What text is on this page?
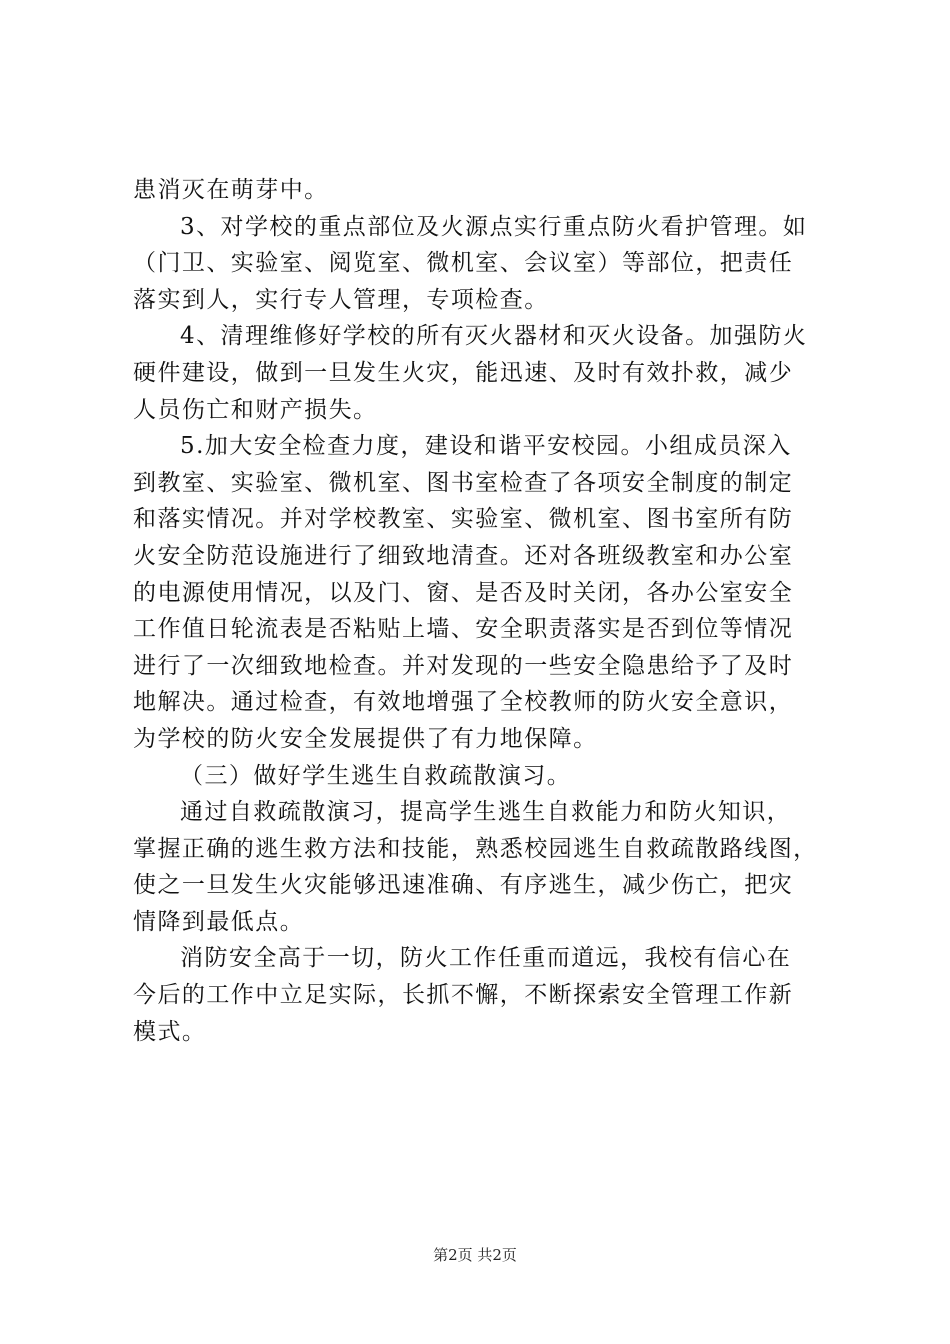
患消灭在萌芽中。
3、对学校的重点部位及火源点实行重点防火看护管理。如
（门卫、实验室、阅览室、微机室、会议室）等部位，把责任
落实到人，实行专人管理，专项检查。
4、清理维修好学校的所有灭火器材和灭火设备。加强防火
硬件建设，做到一旦发生火灾，能迅速、及时有效扑救，减少
人员伤亡和财产损失。
5.加大安全检查力度，建设和谐平安校园。小组成员深入
到教室、实验室、微机室、图书室检查了各项安全制度的制定
和落实情况。并对学校教室、实验室、微机室、图书室所有防
火安全防范设施进行了细致地清查。还对各班级教室和办公室
的电源使用情况，以及门、窗、是否及时关闭，各办公室安全
工作值日轮流表是否粘贴上墙、安全职责落实是否到位等情况
进行了一次细致地检查。并对发现的一些安全隐患给予了及时
地解决。通过检查，有效地增强了全校教师的防火安全意识，
为学校的防火安全发展提供了有力地保障。
（三）做好学生逃生自救疏散演习。
通过自救疏散演习，提高学生逃生自救能力和防火知识，
掌握正确的逃生救方法和技能，熟悉校园逃生自救疏散路线图，
使之一旦发生火灾能够迅速准确、有序逃生，减少伤亡，把灾
情降到最低点。
消防安全高于一切，防火工作任重而道远，我校有信心在
今后的工作中立足实际，长抓不懈，不断探索安全管理工作新
模式。
第2页 共2页
